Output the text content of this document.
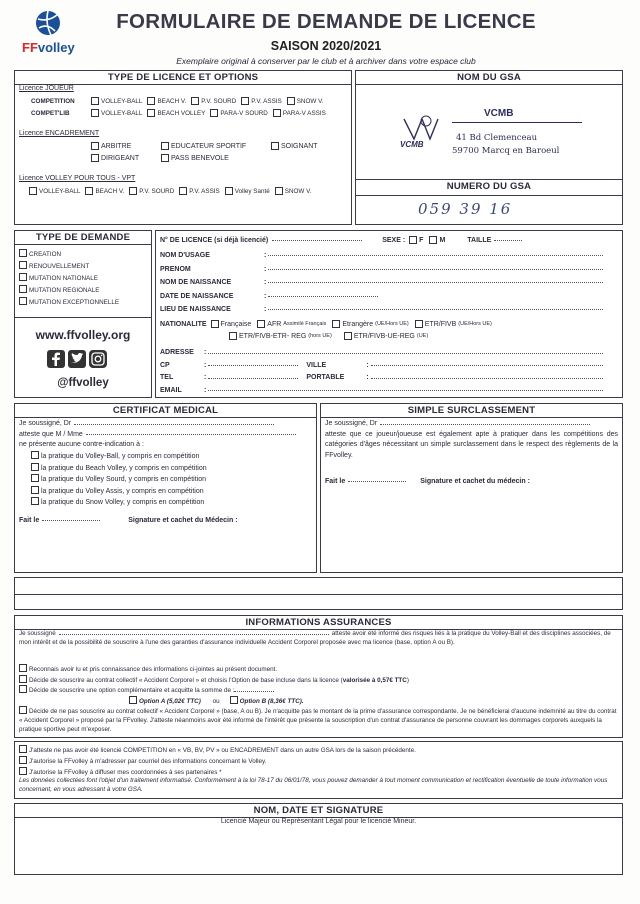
FFvolley
FORMULAIRE DE DEMANDE DE LICENCE
SAISON 2020/2021
Exemplaire original à conserver par le club et à archiver dans votre espace club
TYPE DE LICENCE ET OPTIONS
Licence JOUEUR
COMPETITION	VOLLEY-BALL BEACH V. P.V. SOURD P.V. ASSIS SNOW V.
COMPET'LIB	VOLLEY-BALL BEACH VOLLEY PARA-V SOURD PARA-V ASSIS
Licence ENCADREMENT
ARBITRE	EDUCATEUR SPORTIF	SOIGNANT
DIRIGEANT	PASS BENEVOLE
Licence VOLLEY POUR TOUS - VPT
VOLLEY-BALL BEACH V. P.V. SOURD P.V. ASSIS Volley Santé SNOW V.
NOM DU GSA
NUMERO DU GSA
VCMB
VCMB
41 Bd Clemenceau
59700 Marcq en Baroeul
059 39 16
TYPE DE DEMANDE
CREATION
RENOUVELLEMENT
MUTATION NATIONALE
MUTATION REGIONALE
MUTATION EXCEPTIONNELLE
www.ffvolley.org
@ffvolley
N° DE LICENCE (si déjà licencié)	SEXE : F M	TAILLE
NOM D'USAGE	:
PRENOM	:
NOM DE NAISSANCE	:
DATE DE NAISSANCE	:
LIEU DE NAISSANCE	:
NATIONALITE Française AFR Assimilé Français Etrangère (UE/Hors UE) ETR/FIVB (UE/Hors UE)
ETR/FIVB-ETR- REG (hors UE)	ETR/FIVB-UE-REG (UE)
ADRESSE	:
CP	:	VILLE	:
TEL	:	PORTABLE	:
EMAIL	:
CERTIFICAT MEDICAL
Je soussigné, Dr
atteste que M / Mme
ne présente aucune contre-indication à :
la pratique du Volley-Ball, y compris en compétition
la pratique du Beach Volley, y compris en compétition
la pratique du Volley Sourd, y compris en compétition
la pratique du Volley Assis, y compris en compétition
la pratique du Snow Volley, y compris en compétition
Fait le	Signature et cachet du Médecin :
SIMPLE SURCLASSEMENT
Je soussigné, Dr
atteste que ce joueur/joueuse est également apte à pratiquer dans les compétitions des catégories d'âges nécessitant un simple surclassement dans le respect des règlements de la FFvolley.
Fait le	Signature et cachet du médecin :
INFORMATIONS ASSURANCES
Je soussigné	atteste avoir été informé des risques liés à la pratique du Volley-Ball et des disciplines associées, de mon intérêt et de la possibilité de souscrire à l'une des garanties d'assurance individuelle Accident Corporel proposée avec ma licence (base, option A ou B).
Reconnais avoir lu et pris connaissance des informations ci-jointes au présent document.
Décide de souscrire au contrat collectif « Accident Corporel » et choisis l'Option de base incluse dans la licence (valorisée à 0,57€ TTC)
Décide de souscrire une option complémentaire et acquitte la somme de :
Option A (5,02€ TTC) ou	Option B (8,36€ TTC).
Décide de ne pas souscrire au contrat collectif « Accident Corporel » (base, A ou B). Je n'acquitte pas le montant de la prime d'assurance correspondante. Je ne bénéficierai d'aucune indemnité au titre du contrat « Accident Corporel » proposé par la FFvolley. J'atteste néanmoins avoir été informé de l'intérêt que présente la souscription d'un contrat d'assurance de personne couvrant les dommages corporels auxquels la pratique sportive peut m'exposer.
J'atteste ne pas avoir été licencié COMPETITION en « VB, BV, PV » ou ENCADREMENT dans un autre GSA lors de la saison précédente.
J'autorise la FFvolley à m'adresser par courriel des informations concernant le Volley.
J'autorise la FFvolley à diffuser mes coordonnées à ses partenaires *
Les données collectées font l'objet d'un traitement informatisé. Conformément à la loi 78-17 du 06/01/78, vous pouvez demander à tout moment communication et rectification éventuelle de toute information vous concernant, en vous adressant à votre GSA.
NOM, DATE ET SIGNATURE
Licencié Majeur ou Représentant Légal pour le licencié Mineur.
